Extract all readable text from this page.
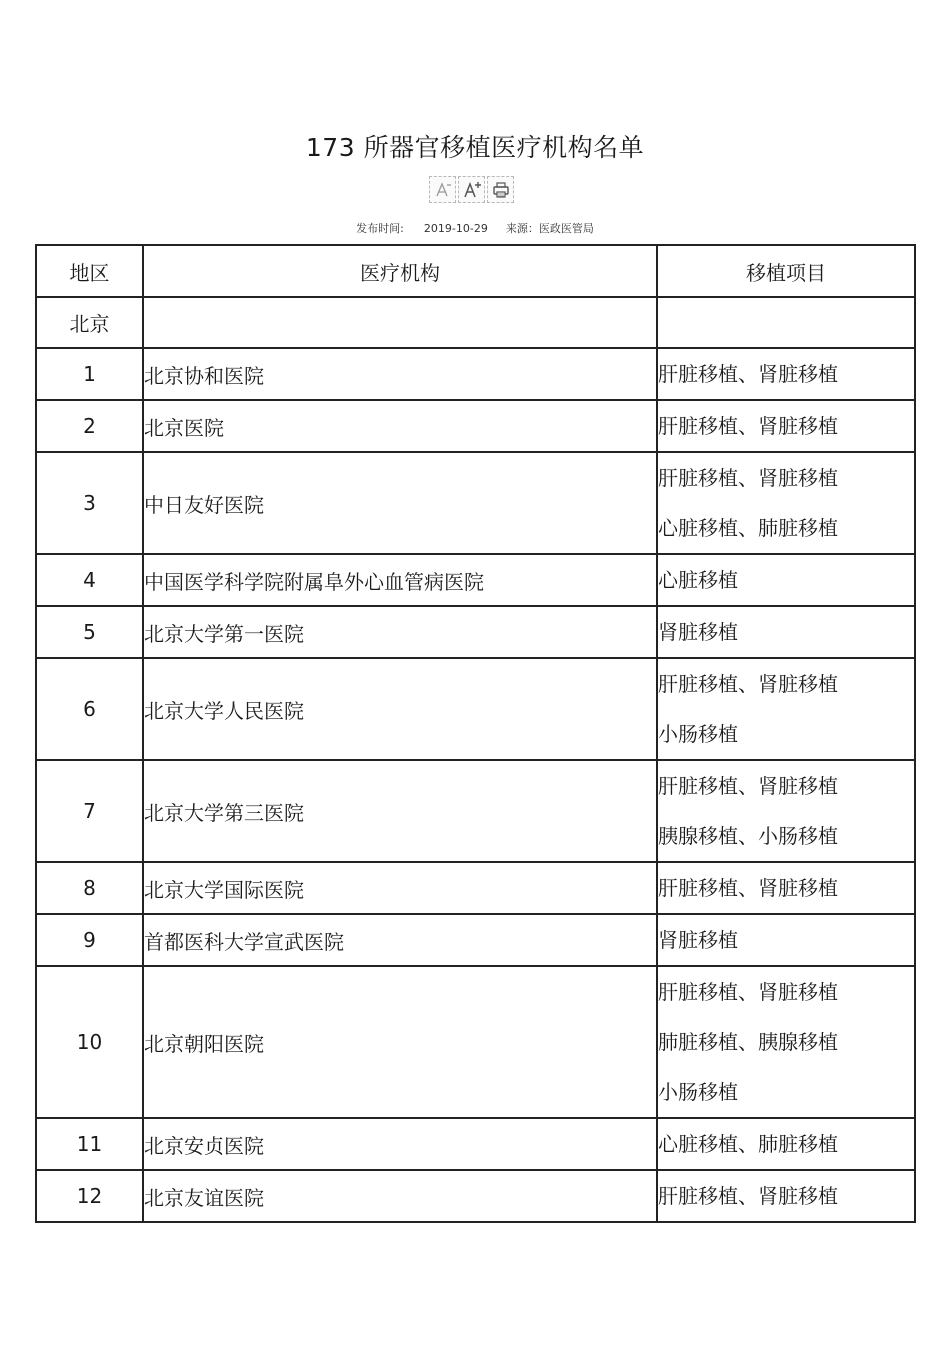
173 所器官移植医疗机构名单
发布时间: 2019-10-29 来源：医政医管局
地区	医疗机构	移植项目
北京		
1	北京协和医院	肝脏移植、肾脏移植

2	北京医院	肝脏移植、肾脏移植

3	中日友好医院	肝脏移植、肾脏移植
心脏移植、肺脏移植

4	中国医学科学院附属阜外心血管病医院	心脏移植

5	北京大学第一医院	肾脏移植

6	北京大学人民医院	肝脏移植、肾脏移植
小肠移植

7	北京大学第三医院	肝脏移植、肾脏移植
胰腺移植、小肠移植

8	北京大学国际医院	肝脏移植、肾脏移植

9	首都医科大学宣武医院	肾脏移植

10	北京朝阳医院	肝脏移植、肾脏移植
肺脏移植、胰腺移植
小肠移植

11	北京安贞医院	心脏移植、肺脏移植

12	北京友谊医院	肝脏移植、肾脏移植
